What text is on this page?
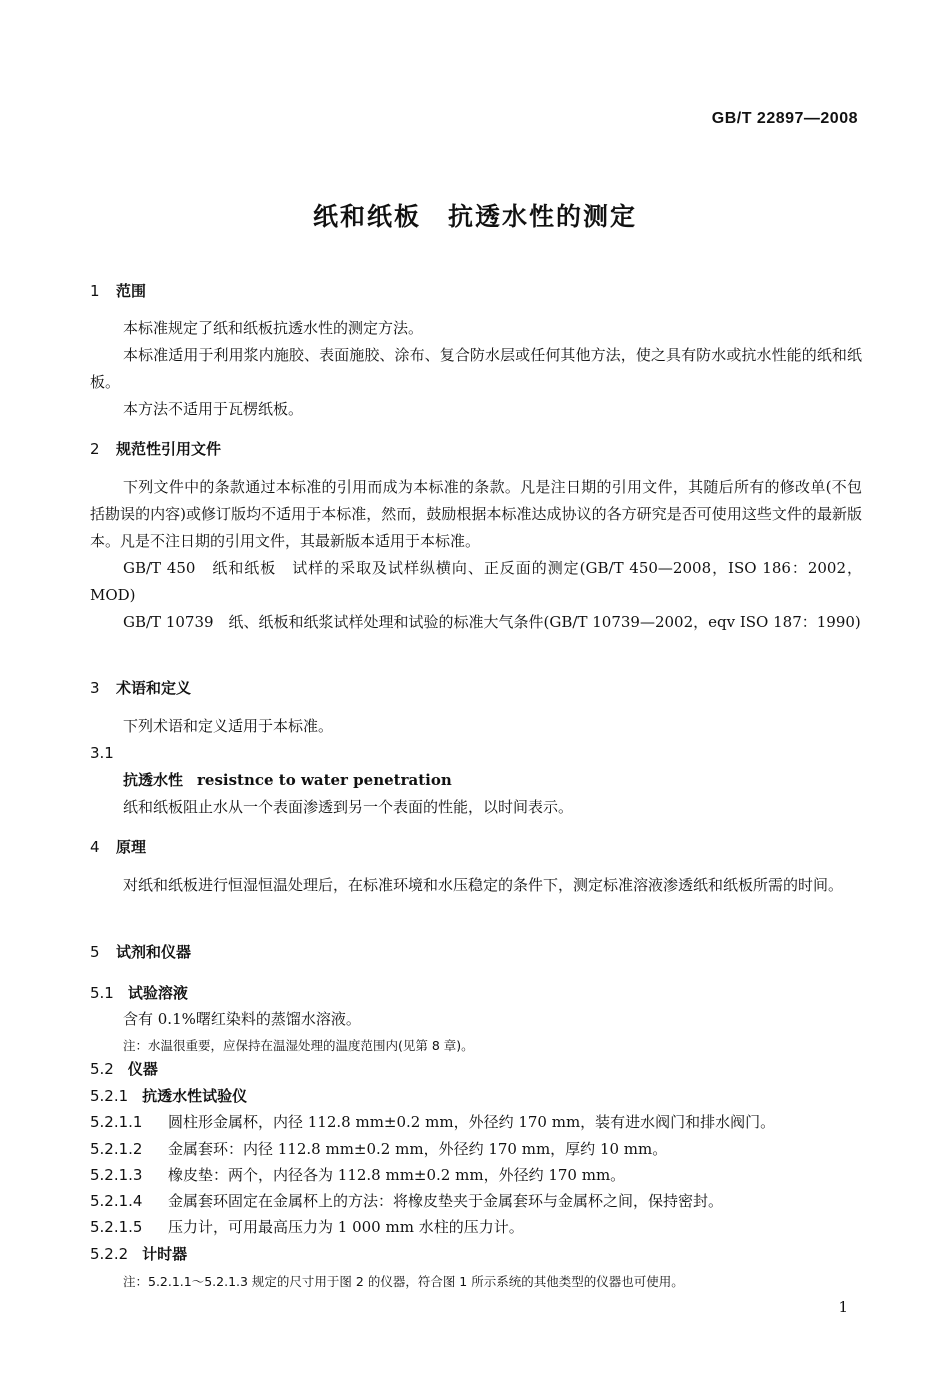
GB/T 22897—2008
纸和纸板　抗透水性的测定
1 范围
本标准规定了纸和纸板抗透水性的测定方法。
本标准适用于利用浆内施胶、表面施胶、涂布、复合防水层或任何其他方法，使之具有防水或抗水性能的纸和纸板。
本方法不适用于瓦楞纸板。
2 规范性引用文件
下列文件中的条款通过本标准的引用而成为本标准的条款。凡是注日期的引用文件，其随后所有的修改单(不包括勘误的内容)或修订版均不适用于本标准，然而，鼓励根据本标准达成协议的各方研究是否可使用这些文件的最新版本。凡是不注日期的引用文件，其最新版本适用于本标准。
GB/T 450　纸和纸板　试样的采取及试样纵横向、正反面的测定(GB/T 450—2008，ISO 186：2002，MOD)
GB/T 10739　纸、纸板和纸浆试样处理和试验的标准大气条件(GB/T 10739—2002，eqv ISO 187：1990)
3 术语和定义
下列术语和定义适用于本标准。
3.1
抗透水性 resistnce to water penetration
纸和纸板阻止水从一个表面渗透到另一个表面的性能，以时间表示。
4 原理
对纸和纸板进行恒湿恒温处理后，在标准环境和水压稳定的条件下，测定标准溶液渗透纸和纸板所需的时间。
5 试剂和仪器
5.1 试验溶液
含有 0.1%曙红染料的蒸馏水溶液。
注：水温很重要，应保持在温湿处理的温度范围内(见第 8 章)。
5.2 仪器
5.2.1 抗透水性试验仪
5.2.1.1 圆柱形金属杯，内径 112.8 mm±0.2 mm，外径约 170 mm，装有进水阀门和排水阀门。
5.2.1.2 金属套环：内径 112.8 mm±0.2 mm，外径约 170 mm，厚约 10 mm。
5.2.1.3 橡皮垫：两个，内径各为 112.8 mm±0.2 mm，外径约 170 mm。
5.2.1.4 金属套环固定在金属杯上的方法：将橡皮垫夹于金属套环与金属杯之间，保持密封。
5.2.1.5 压力计，可用最高压力为 1 000 mm 水柱的压力计。
5.2.2 计时器
注：5.2.1.1～5.2.1.3 规定的尺寸用于图 2 的仪器，符合图 1 所示系统的其他类型的仪器也可使用。
1
